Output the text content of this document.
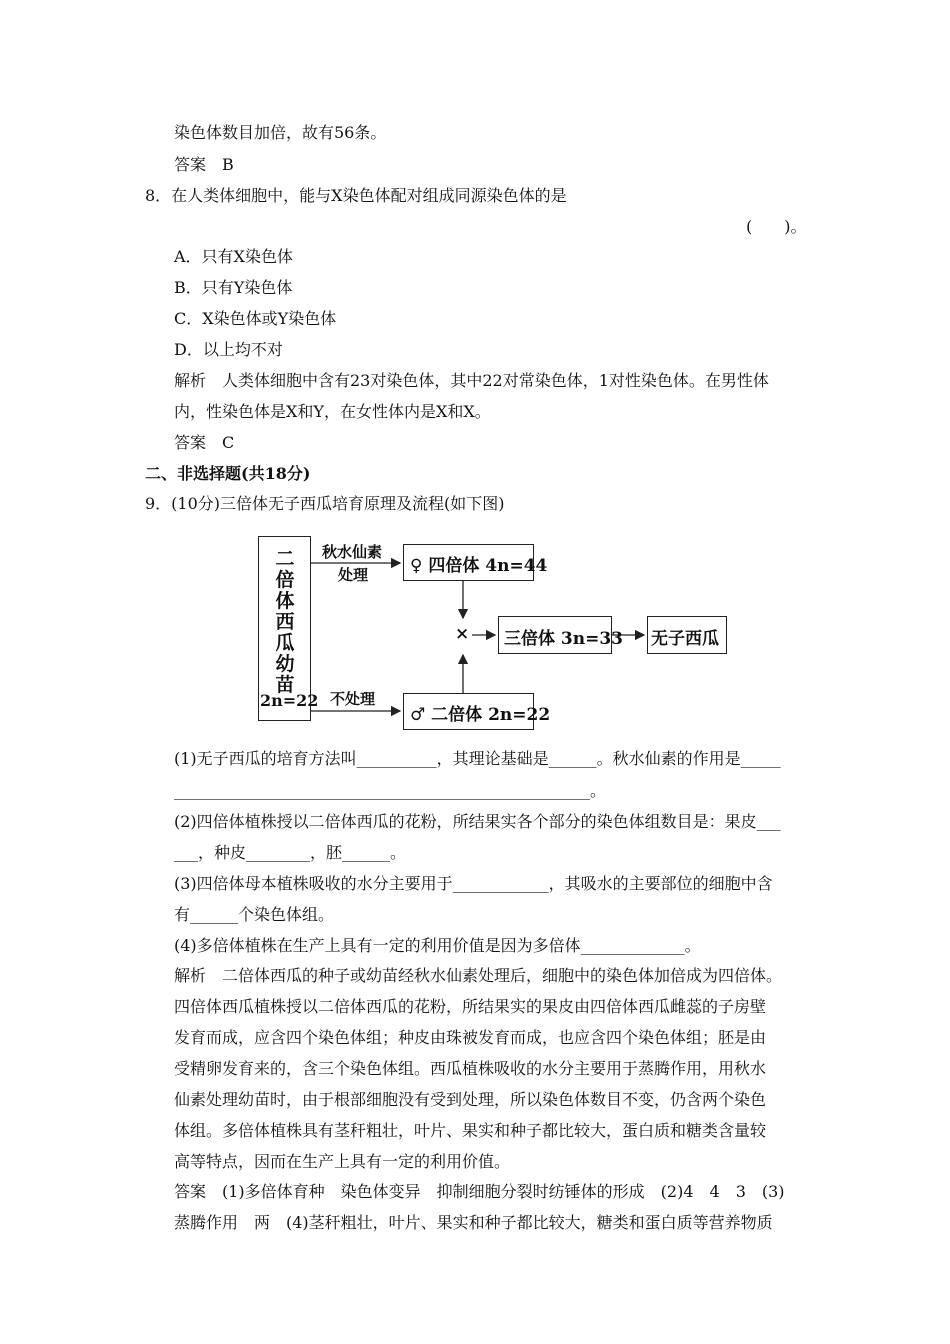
染色体数目加倍，故有56条。
答案　B
8．在人类体细胞中，能与X染色体配对组成同源染色体的是
(　　)。
A．只有X染色体
B．只有Y染色体
C．X染色体或Y染色体
D．以上均不对
解析　人类体细胞中含有23对染色体，其中22对常染色体，1对性染色体。在男性体
内，性染色体是X和Y，在女性体内是X和X。
答案　C
二、非选择题(共18分)
9．(10分)三倍体无子西瓜培育原理及流程(如下图)
二
倍
体
西
瓜
幼
苗
2n=22
秋水仙素
处理
不处理
♀ 四倍体 4n=44
♂ 二倍体 2n=22
× 三倍体 3n=33 无子西瓜
(1)无子西瓜的培育方法叫__________，其理论基础是______。秋水仙素的作用是_____
____________________________________________________。
(2)四倍体植株授以二倍体西瓜的花粉，所结果实各个部分的染色体组数目是：果皮___
___，种皮________，胚______。
(3)四倍体母本植株吸收的水分主要用于____________，其吸水的主要部位的细胞中含
有______个染色体组。
(4)多倍体植株在生产上具有一定的利用价值是因为多倍体_____________。
解析　二倍体西瓜的种子或幼苗经秋水仙素处理后，细胞中的染色体加倍成为四倍体。
四倍体西瓜植株授以二倍体西瓜的花粉，所结果实的果皮由四倍体西瓜雌蕊的子房壁
发育而成，应含四个染色体组；种皮由珠被发育而成，也应含四个染色体组；胚是由
受精卵发育来的，含三个染色体组。西瓜植株吸收的水分主要用于蒸腾作用，用秋水
仙素处理幼苗时，由于根部细胞没有受到处理，所以染色体数目不变，仍含两个染色
体组。多倍体植株具有茎秆粗壮，叶片、果实和种子都比较大，蛋白质和糖类含量较
高等特点，因而在生产上具有一定的利用价值。
答案　(1)多倍体育种　染色体变异　抑制细胞分裂时纺锤体的形成　(2)4　4　3　(3)
蒸腾作用　两　(4)茎秆粗壮，叶片、果实和种子都比较大，糖类和蛋白质等营养物质
